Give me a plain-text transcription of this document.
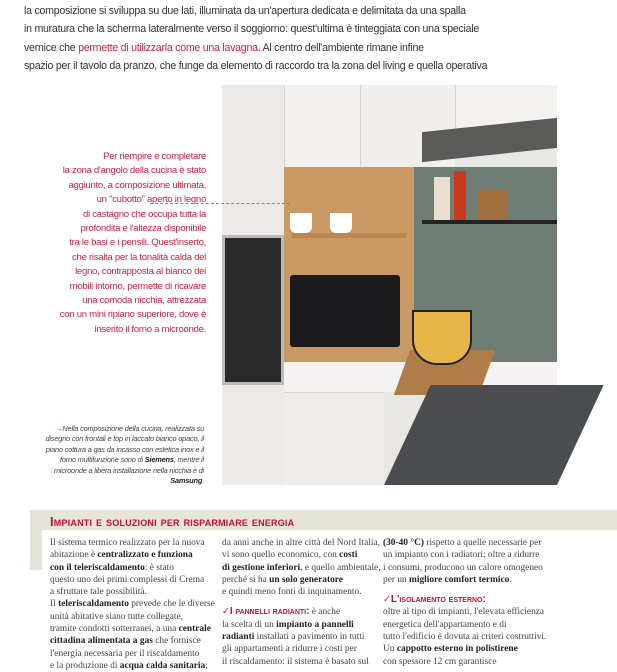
la composizione si sviluppa su due lati, illuminata da un'apertura dedicata e delimitata da una spalla

in muratura che la scherma lateralmente verso il soggiorno: quest'ultima è tinteggiata con una speciale

vernice che permette di utilizzarla come una lavagna. Al centro dell'ambiente rimane infine

spazio per il tavolo da pranzo, che funge da elemento di raccordo tra la zona del living e quella operativa

Per riempire e completare

la zona d'angolo della cucina è stato

aggiunto, a composizione ultimata,

un "cubotto" aperto in legno

di castagno che occupa tutta la

profondità e l'altezza disponibile

tra le basi e i pensili. Quest'inserto,

che risalta per la tonalità calda del

legno, contrapposta al bianco dei

mobili intorno, permette di ricavare

una comoda nicchia, attrezzata

con un mini ripiano superiore, dove è

inserito il forno a microonde.

→Nella composizione della cucina, realizzata su disegno con frontali e top in laccato bianco opaco, il piano cottura a gas da incasso con estetica inox e il forno multifunzione sono di Siemens, mentre il microonde a libera installazione nella nicchia è di Samsung.
Impianti e soluzioni per risparmiare energia

Il sistema termico realizzato per la nuova

abitazione è centralizzato e funziona

con il teleriscaldamento: è stato

questo uno dei primi complessi di Crema

a sfruttare tale possibilità.

Il teleriscaldamento prevede che le diverse

unità abitative siano tutte collegate,

tramite condotti sotterranei, a una centrale

cittadina alimentata a gas che fornisce

l'energia necessaria per il riscaldamento

e la produzione di acqua calda sanitaria;

da anni anche in altre città del Nord Italia,

vi sono quello economico, con costi

di gestione inferiori, e quello ambientale,

perché si ha un solo generatore

e quindi meno fonti di inquinamento.

✓I pannelli radianti: è anche

la scelta di un impianto a pannelli

radianti installati a pavimento in tutti

gli appartamenti a ridurre i costi per

il riscaldamento: il sistema è basato sul

(30-40 °C) rispetto a quelle necessarie per

un impianto con i radiatori; oltre a ridurre

i consumi, producono un calore omogeneo

per un migliore comfort termico.

✓L'isolamento esterno:

oltre al tipo di impianti, l'elevata efficienza

energetica dell'appartamento e di

tutto l'edificio è dovuta ai criteri costruttivi.

Un cappotto esterno in polistirene

con spessore 12 cm garantisce
